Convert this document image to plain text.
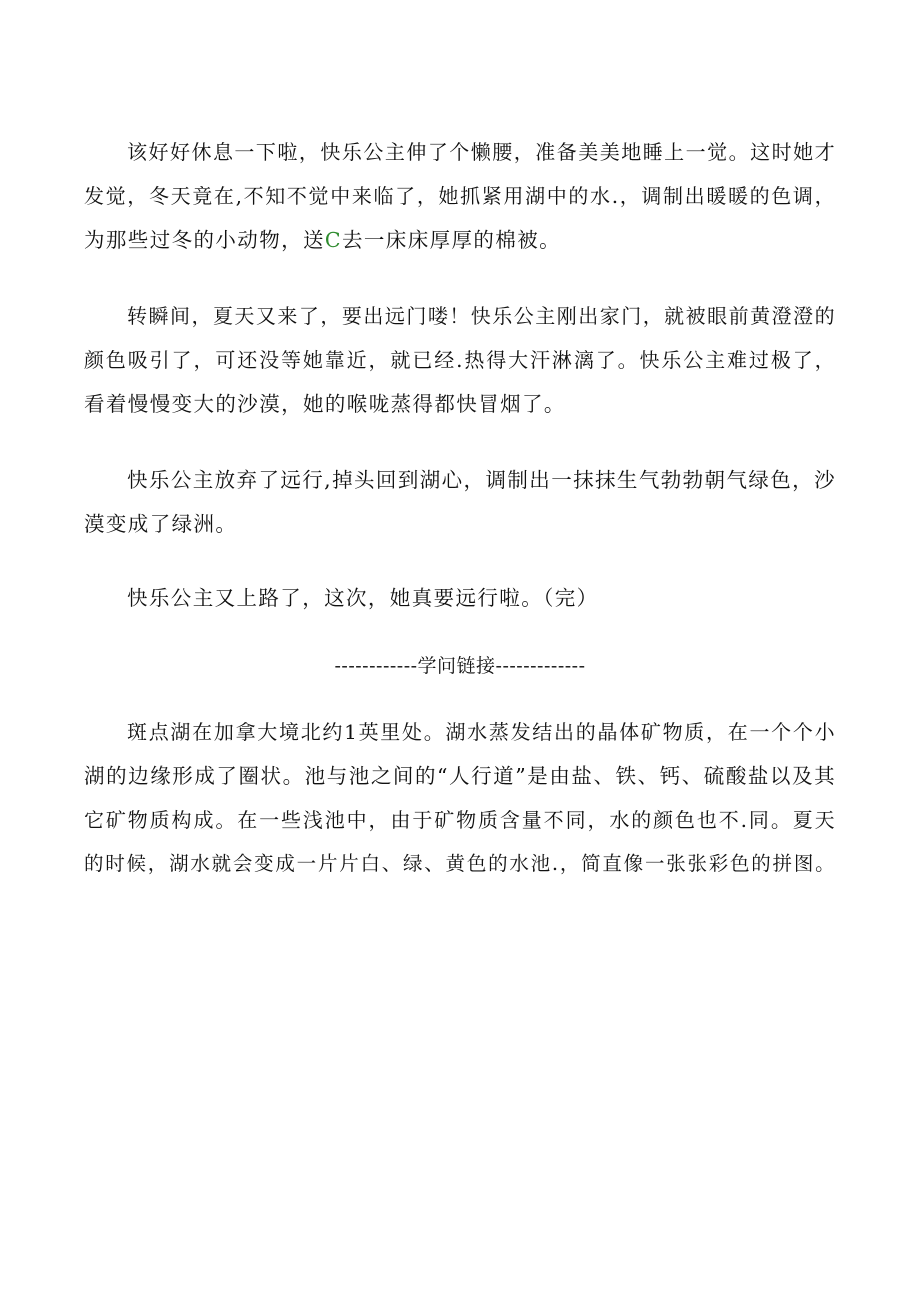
该好好休息一下啦，快乐公主伸了个懒腰，准备美美地睡上一觉。这时她才
发觉，冬天竟在,不知不觉中来临了，她抓紧用湖中的水.，调制出暖暖的色调，
为那些过冬的小动物，送C去一床床厚厚的棉被。
转瞬间，夏天又来了，要出远门喽！快乐公主刚出家门，就被眼前黄澄澄的
颜色吸引了，可还没等她靠近，就已经.热得大汗淋漓了。快乐公主难过极了，
看着慢慢变大的沙漠，她的喉咙蒸得都快冒烟了。
快乐公主放弃了远行,掉头回到湖心，调制出一抹抹生气勃勃朝气绿色，沙
漠变成了绿洲。
快乐公主又上路了，这次，她真要远行啦。（完）
------------学问链接-------------
斑点湖在加拿大境北约1英里处。湖水蒸发结出的晶体矿物质，在一个个小
湖的边缘形成了圈状。池与池之间的“人行道”是由盐、铁、钙、硫酸盐以及其
它矿物质构成。在一些浅池中，由于矿物质含量不同，水的颜色也不.同。夏天
的时候，湖水就会变成一片片白、绿、黄色的水池.，简直像一张张彩色的拼图。
